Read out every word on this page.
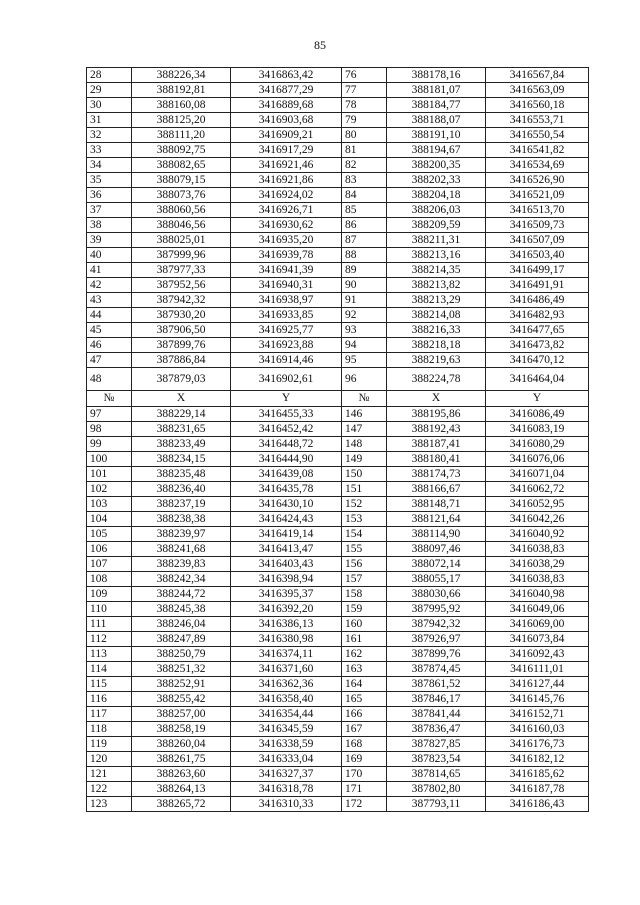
85
28	388226,34	3416863,42	76	388178,16	3416567,84
29	388192,81	3416877,29	77	388181,07	3416563,09
30	388160,08	3416889,68	78	388184,77	3416560,18
31	388125,20	3416903,68	79	388188,07	3416553,71
32	388111,20	3416909,21	80	388191,10	3416550,54
33	388092,75	3416917,29	81	388194,67	3416541,82
34	388082,65	3416921,46	82	388200,35	3416534,69
35	388079,15	3416921,86	83	388202,33	3416526,90
36	388073,76	3416924,02	84	388204,18	3416521,09
37	388060,56	3416926,71	85	388206,03	3416513,70
38	388046,56	3416930,62	86	388209,59	3416509,73
39	388025,01	3416935,20	87	388211,31	3416507,09
40	387999,96	3416939,78	88	388213,16	3416503,40
41	387977,33	3416941,39	89	388214,35	3416499,17
42	387952,56	3416940,31	90	388213,82	3416491,91
43	387942,32	3416938,97	91	388213,29	3416486,49
44	387930,20	3416933,85	92	388214,08	3416482,93
45	387906,50	3416925,77	93	388216,33	3416477,65
46	387899,76	3416923,88	94	388218,18	3416473,82
47	387886,84	3416914,46	95	388219,63	3416470,12
48	387879,03	3416902,61	96	388224,78	3416464,04
№	X	Y	№	X	Y
97	388229,14	3416455,33	146	388195,86	3416086,49
98	388231,65	3416452,42	147	388192,43	3416083,19
99	388233,49	3416448,72	148	388187,41	3416080,29
100	388234,15	3416444,90	149	388180,41	3416076,06
101	388235,48	3416439,08	150	388174,73	3416071,04
102	388236,40	3416435,78	151	388166,67	3416062,72
103	388237,19	3416430,10	152	388148,71	3416052,95
104	388238,38	3416424,43	153	388121,64	3416042,26
105	388239,97	3416419,14	154	388114,90	3416040,92
106	388241,68	3416413,47	155	388097,46	3416038,83
107	388239,83	3416403,43	156	388072,14	3416038,29
108	388242,34	3416398,94	157	388055,17	3416038,83
109	388244,72	3416395,37	158	388030,66	3416040,98
110	388245,38	3416392,20	159	387995,92	3416049,06
111	388246,04	3416386,13	160	387942,32	3416069,00
112	388247,89	3416380,98	161	387926,97	3416073,84
113	388250,79	3416374,11	162	387899,76	3416092,43
114	388251,32	3416371,60	163	387874,45	3416111,01
115	388252,91	3416362,36	164	387861,52	3416127,44
116	388255,42	3416358,40	165	387846,17	3416145,76
117	388257,00	3416354,44	166	387841,44	3416152,71
118	388258,19	3416345,59	167	387836,47	3416160,03
119	388260,04	3416338,59	168	387827,85	3416176,73
120	388261,75	3416333,04	169	387823,54	3416182,12
121	388263,60	3416327,37	170	387814,65	3416185,62
122	388264,13	3416318,78	171	387802,80	3416187,78
123	388265,72	3416310,33	172	387793,11	3416186,43
